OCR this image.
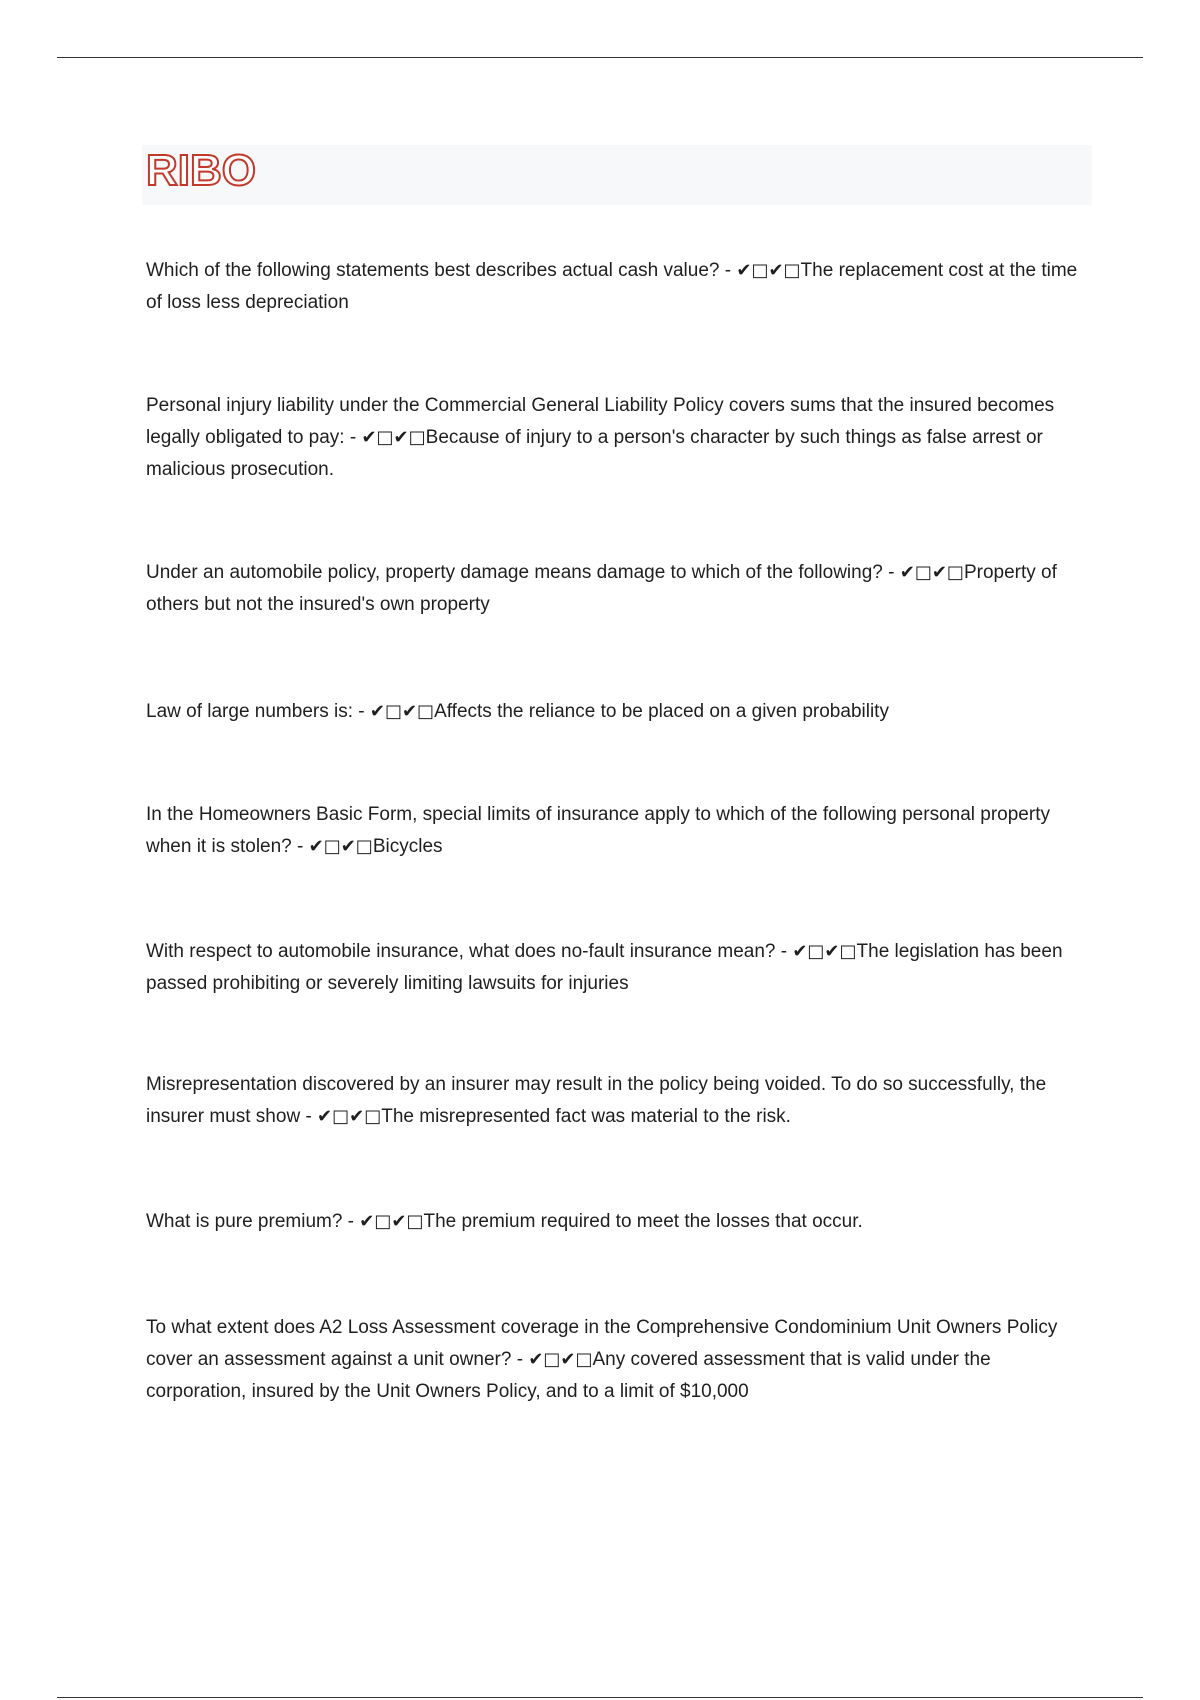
RIBO

Which of the following statements best describes actual cash value? - ✔□✔□The replacement cost at the time of loss less depreciation

Personal injury liability under the Commercial General Liability Policy covers sums that the insured becomes legally obligated to pay: - ✔□✔□Because of injury to a person's character by such things as false arrest or malicious prosecution.

Under an automobile policy, property damage means damage to which of the following? - ✔□✔□Property of others but not the insured's own property

Law of large numbers is: - ✔□✔□Affects the reliance to be placed on a given probability

In the Homeowners Basic Form, special limits of insurance apply to which of the following personal property when it is stolen? - ✔□✔□Bicycles

With respect to automobile insurance, what does no-fault insurance mean? - ✔□✔□The legislation has been passed prohibiting or severely limiting lawsuits for injuries

Misrepresentation discovered by an insurer may result in the policy being voided. To do so successfully, the insurer must show - ✔□✔□The misrepresented fact was material to the risk.

What is pure premium? - ✔□✔□The premium required to meet the losses that occur.

To what extent does A2 Loss Assessment coverage in the Comprehensive Condominium Unit Owners Policy cover an assessment against a unit owner? - ✔□✔□Any covered assessment that is valid under the corporation, insured by the Unit Owners Policy, and to a limit of $10,000
